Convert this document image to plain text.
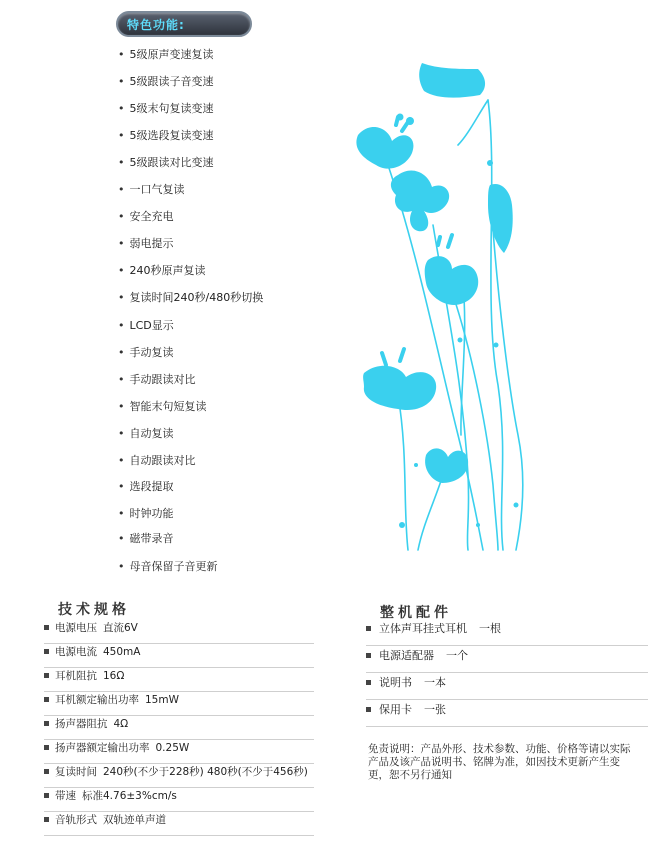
特色功能:
• 5级原声变速复读
• 5级跟读子音变速
• 5级末句复读变速
• 5级选段复读变速
• 5级跟读对比变速
• 一口气复读
• 安全充电
• 弱电提示
• 240秒原声复读
• 复读时间240秒/480秒切换
• LCD显示
• 手动复读
• 手动跟读对比
• 智能末句短复读
• 自动复读
• 自动跟读对比
• 选段提取
• 时钟功能
• 磁带录音
• 母音保留子音更新
技术规格
电源电压 直流6V
电源电流 450mA
耳机阻抗 16Ω
耳机额定输出功率 15mW
扬声器阻抗 4Ω
扬声器额定输出功率 0.25W
复读时间 240秒(不少于228秒) 480秒(不少于456秒)
带速 标准4.76±3%cm/s
音轨形式 双轨迹单声道
整机配件
立体声耳挂式耳机 一根
电源适配器 一个
说明书 一本
保用卡 一张

免责说明：产品外形、技术参数、功能、价格等请以实际产品及该产品说明书、铭牌为准，如因技术更新产生变更，恕不另行通知
